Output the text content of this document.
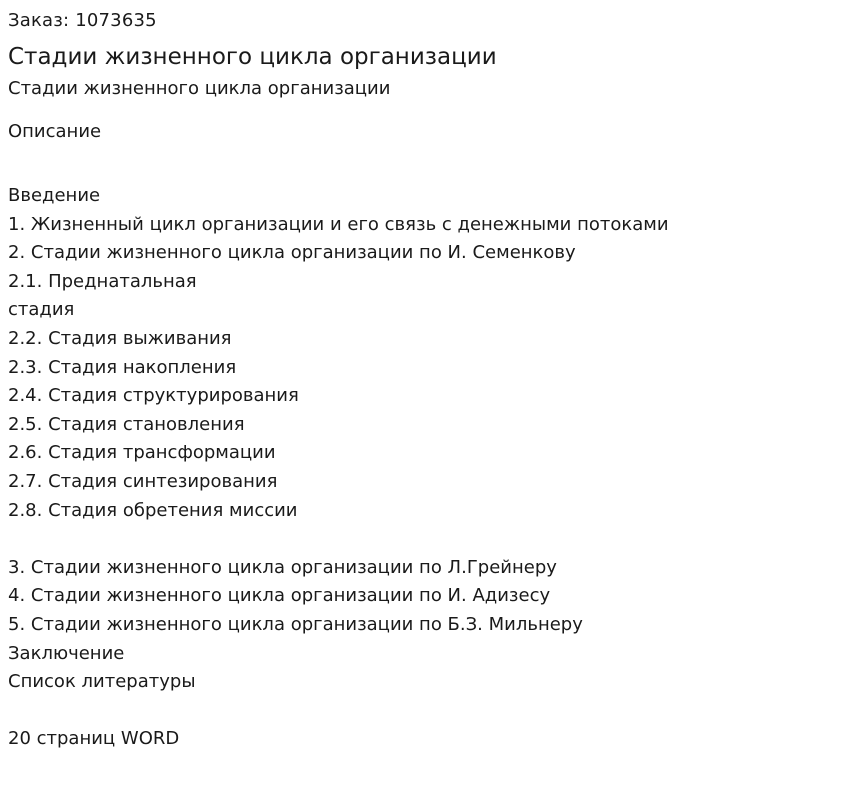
Заказ: 1073635

Стадии жизненного цикла организации

Стадии жизненного цикла организации

Описание

Введение
1. Жизненный цикл организации и его связь с денежными потоками
2. Стадии жизненного цикла организации по И. Семенкову
2.1. Преднатальная
стадия
2.2. Стадия выживания
2.3. Стадия накопления
2.4. Стадия структурирования
2.5. Стадия становления
2.6. Стадия трансформации
2.7. Стадия синтезирования
2.8. Стадия обретения миссии
3. Стадии жизненного цикла организации по Л.Грейнеру
4. Стадии жизненного цикла организации по И. Адизесу
5. Стадии жизненного цикла организации по Б.З. Мильнеру
Заключение
Список литературы
20 страниц WORD
